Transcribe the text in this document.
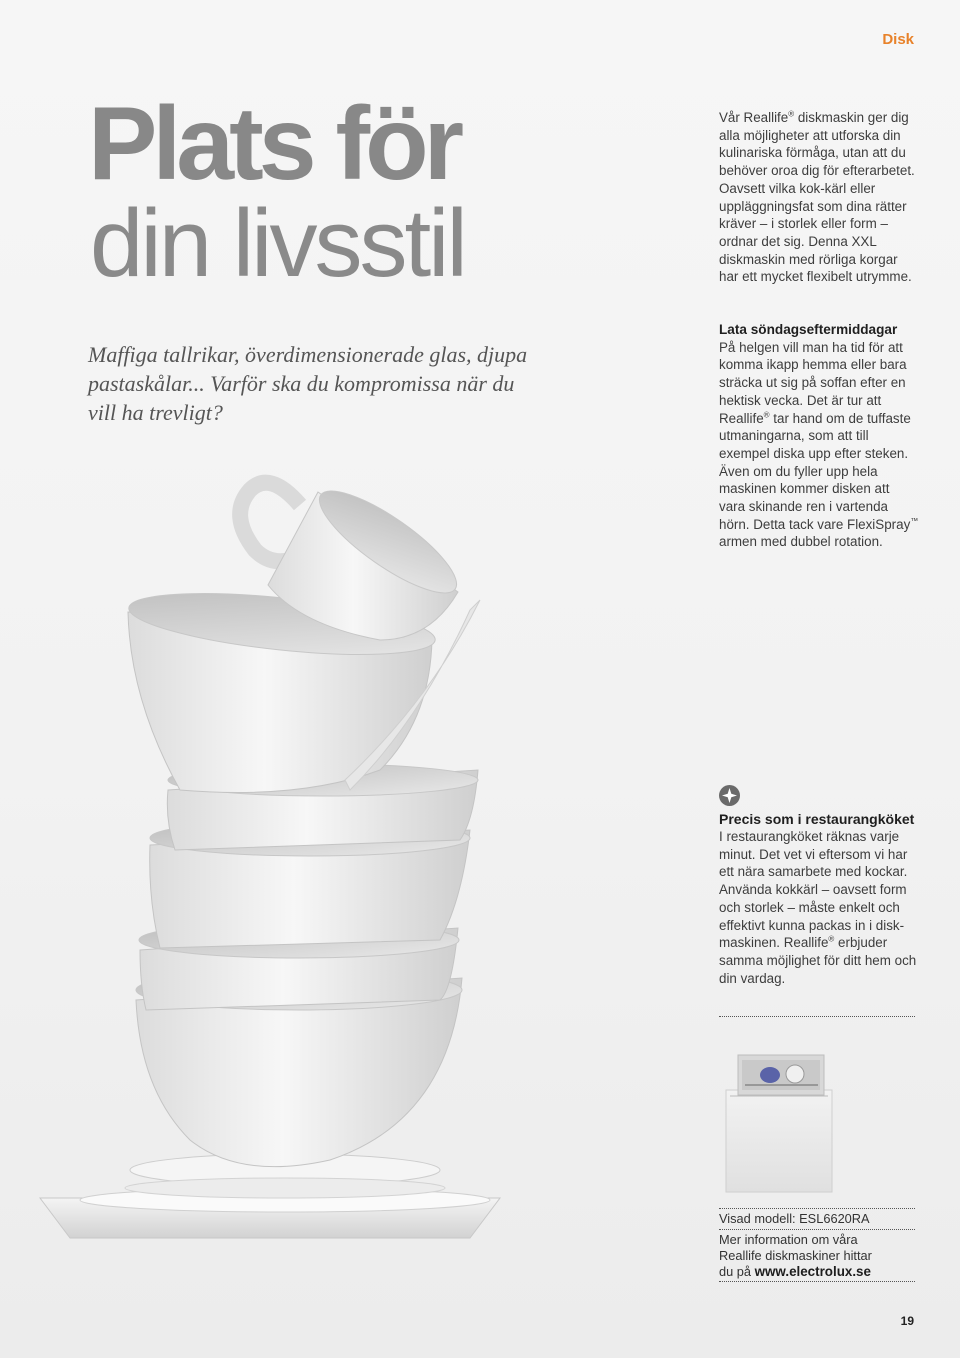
Disk
Plats för
din livsstil
Maffiga tallrikar, överdimensionerade glas, djupa pastaskålar... Varför ska du kompromissa när du vill ha trevligt?
Vår Reallife® diskmaskin ger dig alla möjligheter att utforska din kulinariska förmåga, utan att du behöver oroa dig för efterarbetet. Oavsett vilka kok-kärl eller uppläggningsfat som dina rätter kräver – i storlek eller form – ordnar det sig. Denna XXL diskmaskin med rörliga korgar har ett mycket flexibelt utrymme.
Lata söndagseftermiddagar
På helgen vill man ha tid för att komma ikapp hemma eller bara sträcka ut sig på soffan efter en hektisk vecka. Det är tur att Reallife® tar hand om de tuffaste utmaningarna, som att till exempel diska upp efter steken. Även om du fyller upp hela maskinen kommer disken att vara skinande ren i vartenda hörn. Detta tack vare FlexiSpray™ armen med dubbel rotation.
Precis som i restaurangköket
I restaurangköket räknas varje minut. Det vet vi eftersom vi har ett nära samarbete med kockar. Använda kokkärl – oavsett form och storlek – måste enkelt och effektivt kunna packas in i disk-maskinen. Reallife® erbjuder samma möjlighet för ditt hem och din vardag.
Visad modell: ESL6620RA
Mer information om våra Reallife diskmaskiner hittar du på www.electrolux.se
19
